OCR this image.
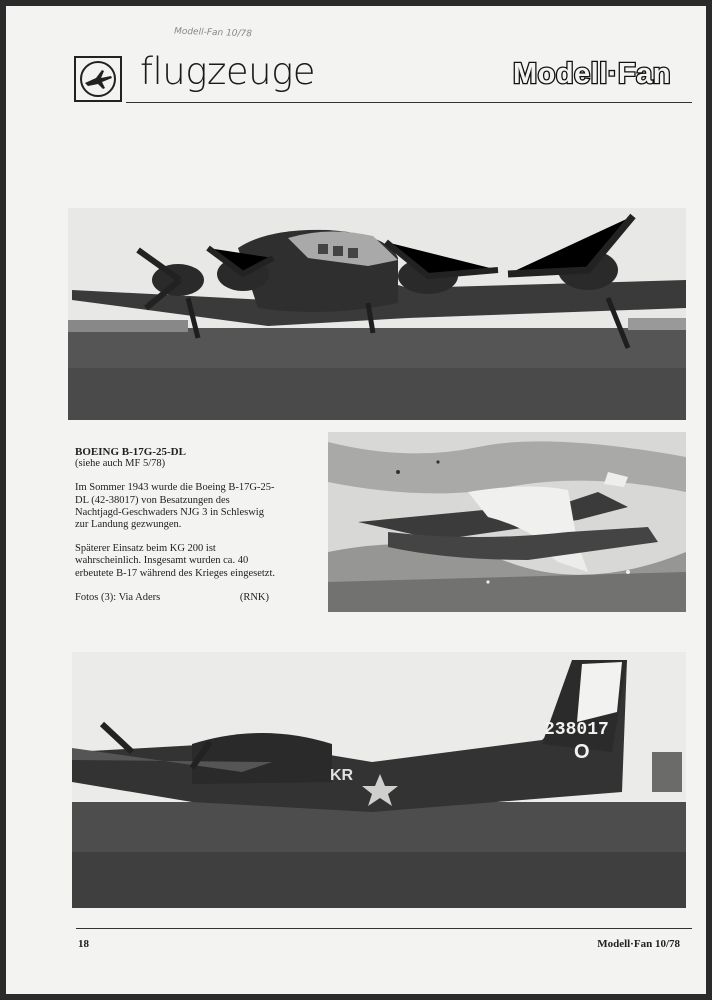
Modell-Fan 10/78
flugzeuge	Modell·Fan
BOEING B-17G-25-DL

(siehe auch MF 5/78)

Im Sommer 1943 wurde die Boeing B-17G-25-DL (42-38017) von Besatzungen des Nachtjagd-Geschwaders NJG 3 in Schleswig zur Landung gezwungen.

Späterer Einsatz beim KG 200 ist wahrscheinlich. Insgesamt wurden ca. 40 erbeutete B-17 während des Krieges eingesetzt.

Fotos (3): Via Aders	(RNK)
238017
O
KR
18	Modell·Fan 10/78
